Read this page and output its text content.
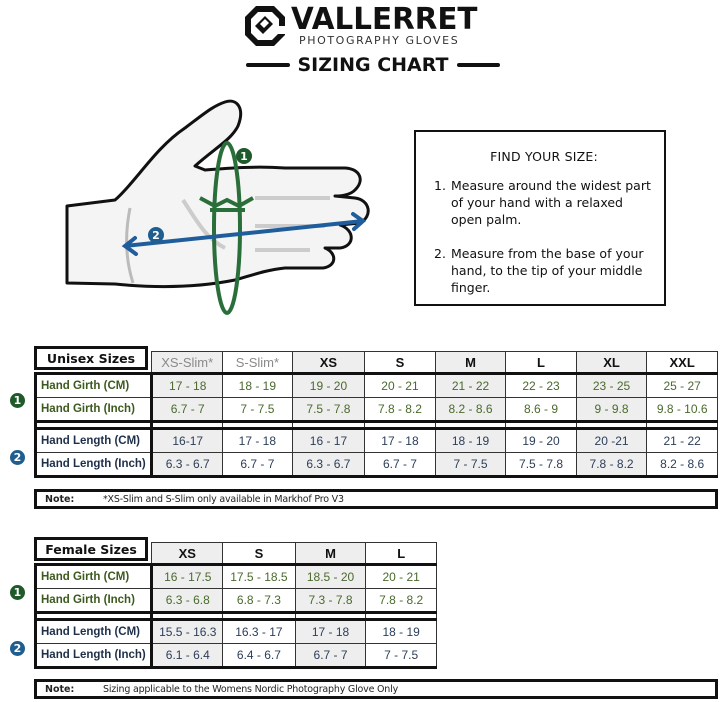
VALLERRET
PHOTOGRAPHY GLOVES
SIZING CHART
1
2
FIND YOUR SIZE:
1. Measure around the widest part of your hand with a relaxed open palm.
2. Measure from the base of your hand, to the tip of your middle finger.
Unisex Sizes
		XS-Slim*	S-Slim*	XS	S	M	L	XL	XXL
Hand Girth (CM)	17 - 18	18 - 19	19 - 20	20 - 21	21 - 22	22 - 23	23 - 25	25 - 27
Hand Girth (Inch)	6.7 - 7	7 - 7.5	7.5 - 7.8	7.8 - 8.2	8.2 - 8.6	8.6 - 9	9 - 9.8	9.8 - 10.6

Hand Length (CM)	16-17	17 - 18	16 - 17	17 - 18	18 - 19	19 - 20	20 -21	21 - 22
Hand Length (Inch)	6.3 - 6.7	6.7 - 7	6.3 - 6.7	6.7 - 7	7 - 7.5	7.5 - 7.8	7.8 - 8.2	8.2 - 8.6
1
2
Note:	*XS-Slim and S-Slim only available in Markhof Pro V3
Female Sizes
		XS	S	M	L
Hand Girth (CM)	16 - 17.5	17.5 - 18.5	18.5 - 20	20 - 21
Hand Girth (Inch)	6.3 - 6.8	6.8 - 7.3	7.3 - 7.8	7.8 - 8.2

Hand Length (CM)	15.5 - 16.3	16.3 - 17	17 - 18	18 - 19
Hand Length (Inch)	6.1 - 6.4	6.4 - 6.7	6.7 - 7	7 - 7.5
1
2
Note:	Sizing applicable to the Womens Nordic Photography Glove Only
